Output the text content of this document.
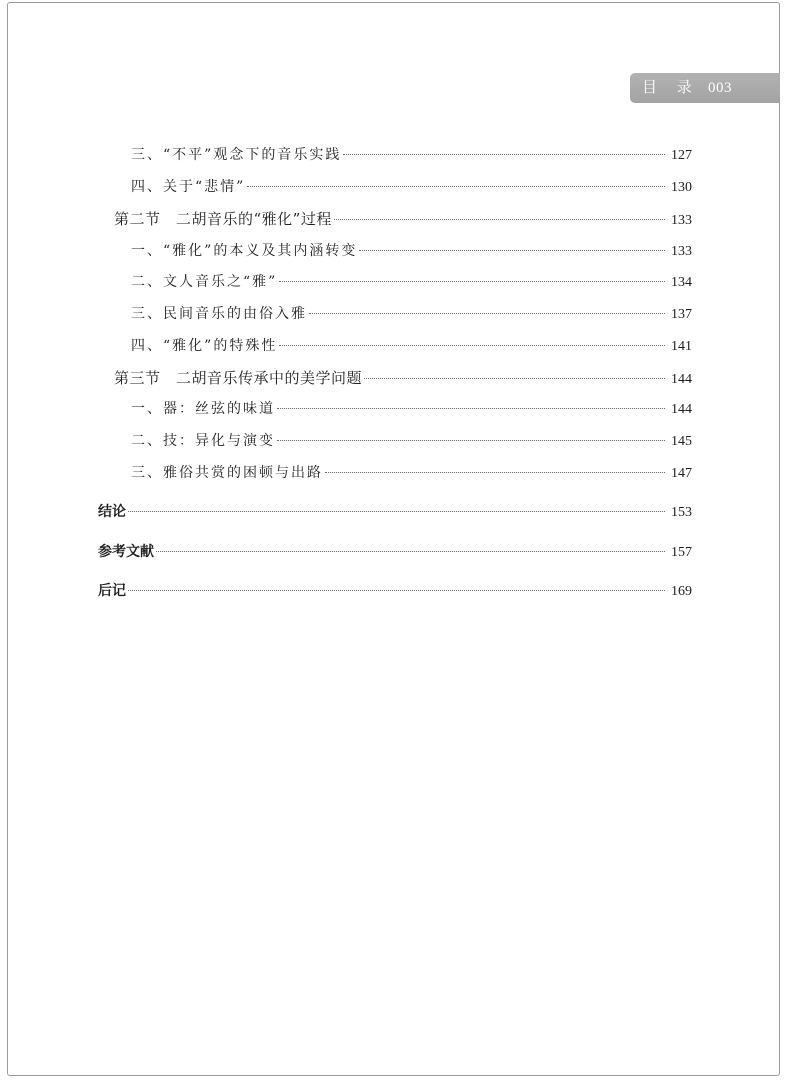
目 录 003
三、“不平”观念下的音乐实践	127
四、关于“悲情”	130
第二节　二胡音乐的“雅化”过程	133
一、“雅化”的本义及其内涵转变	133
二、文人音乐之“雅”	134
三、民间音乐的由俗入雅	137
四、“雅化”的特殊性	141
第三节　二胡音乐传承中的美学问题	144
一、器：丝弦的味道	144
二、技：异化与演变	145
三、雅俗共赏的困顿与出路	147
结论	153
参考文献	157
后记	169
